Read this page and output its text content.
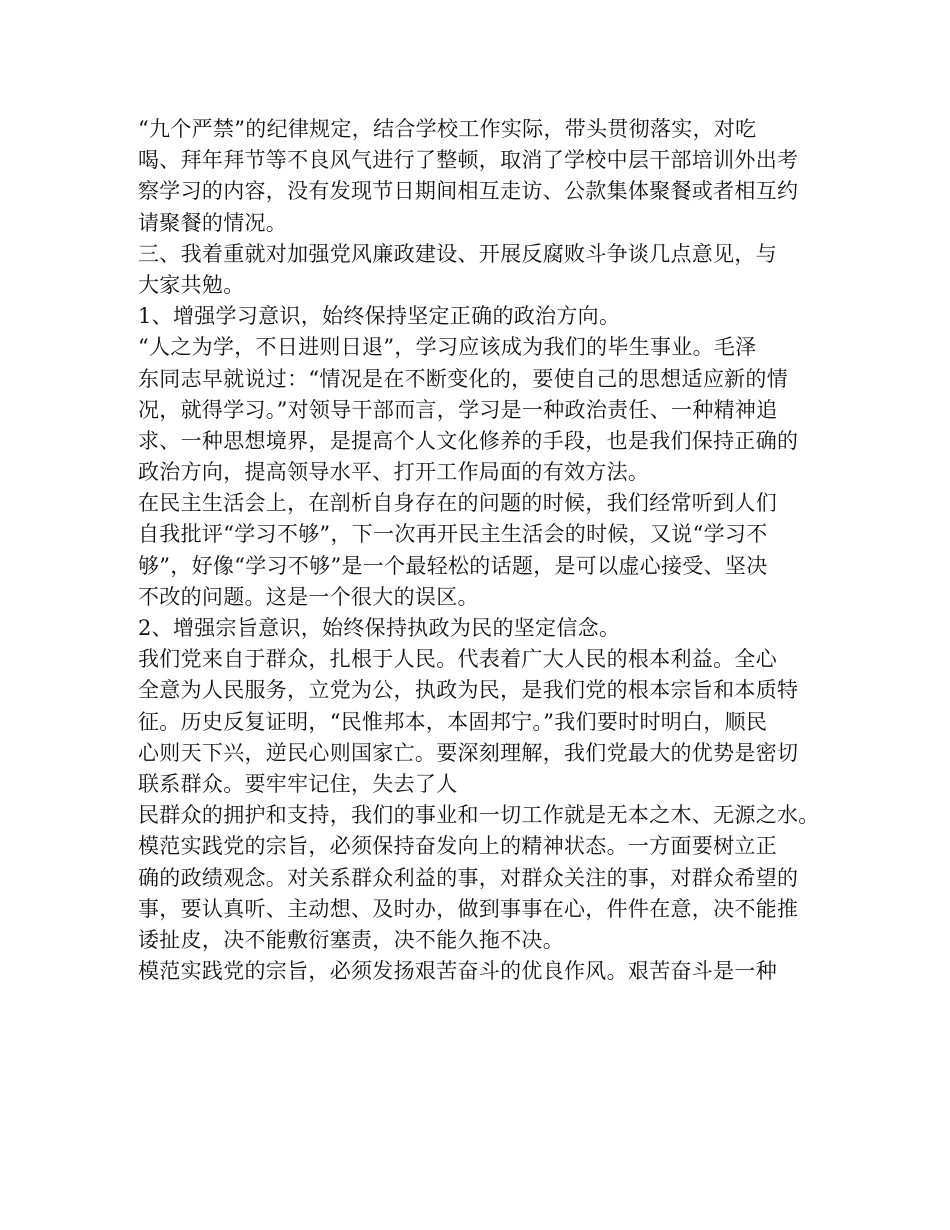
“九个严禁”的纪律规定，结合学校工作实际，带头贯彻落实，对吃
喝、拜年拜节等不良风气进行了整顿，取消了学校中层干部培训外出考
察学习的内容，没有发现节日期间相互走访、公款集体聚餐或者相互约
请聚餐的情况。
三、我着重就对加强党风廉政建设、开展反腐败斗争谈几点意见，与
大家共勉。
1、增强学习意识，始终保持坚定正确的政治方向。
“人之为学，不日进则日退”，学习应该成为我们的毕生事业。毛泽
东同志早就说过：“情况是在不断变化的，要使自己的思想适应新的情
况，就得学习。”对领导干部而言，学习是一种政治责任、一种精神追
求、一种思想境界，是提高个人文化修养的手段，也是我们保持正确的
政治方向，提高领导水平、打开工作局面的有效方法。
在民主生活会上，在剖析自身存在的问题的时候，我们经常听到人们
自我批评“学习不够”，下一次再开民主生活会的时候，又说“学习不
够”，好像“学习不够”是一个最轻松的话题，是可以虚心接受、坚决
不改的问题。这是一个很大的误区。
2、增强宗旨意识，始终保持执政为民的坚定信念。
我们党来自于群众，扎根于人民。代表着广大人民的根本利益。全心
全意为人民服务，立党为公，执政为民，是我们党的根本宗旨和本质特
征。历史反复证明，“民惟邦本，本固邦宁。”我们要时时明白，顺民
心则天下兴，逆民心则国家亡。要深刻理解，我们党最大的优势是密切
联系群众。要牢牢记住，失去了人
民群众的拥护和支持，我们的事业和一切工作就是无本之木、无源之水。
模范实践党的宗旨，必须保持奋发向上的精神状态。一方面要树立正
确的政绩观念。对关系群众利益的事，对群众关注的事，对群众希望的
事，要认真听、主动想、及时办，做到事事在心，件件在意，决不能推
诿扯皮，决不能敷衍塞责，决不能久拖不决。
模范实践党的宗旨，必须发扬艰苦奋斗的优良作风。艰苦奋斗是一种
